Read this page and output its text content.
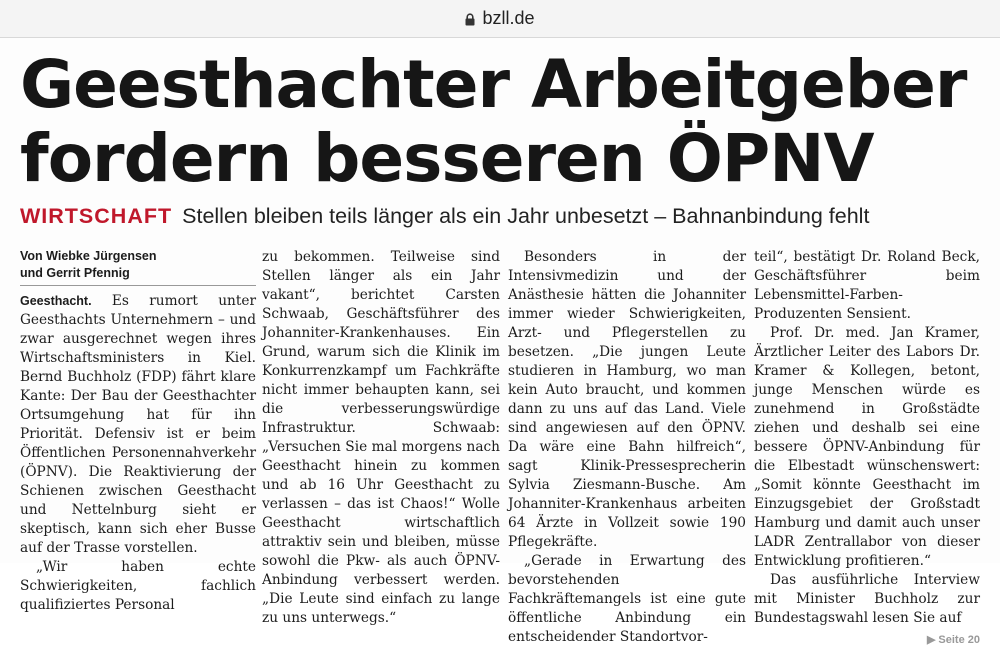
bzll.de
Geesthachter Arbeitgeber
fordern besseren ÖPNV
WIRTSCHAFT Stellen bleiben teils länger als ein Jahr unbesetzt – Bahnanbindung fehlt
Von Wiebke Jürgensen
und Gerrit Pfennig

Geesthacht. Es rumort unter Geesthachts Unternehmern – und zwar ausgerechnet wegen ihres Wirtschaftsministers in Kiel. Bernd Buchholz (FDP) fährt klare Kante: Der Bau der Geesthachter Ortsumgehung hat für ihn Priorität. Defensiv ist er beim Öffentlichen Personennahverkehr (ÖPNV). Die Reaktivierung der Schienen zwischen Geesthacht und Nettelnburg sieht er skeptisch, kann sich eher Busse auf der Trasse vorstellen.

„Wir haben echte Schwierigkeiten, fachlich qualifiziertes Personal

zu bekommen. Teilweise sind Stellen länger als ein Jahr vakant“, berichtet Carsten Schwaab, Geschäftsführer des Johanniter-Krankenhauses. Ein Grund, warum sich die Klinik im Konkurrenzkampf um Fachkräfte nicht immer behaupten kann, sei die verbesserungswürdige Infrastruktur. Schwaab: „Versuchen Sie mal morgens nach Geesthacht hinein zu kommen und ab 16 Uhr Geesthacht zu verlassen – das ist Chaos!“ Wolle Geesthacht wirtschaftlich attraktiv sein und bleiben, müsse sowohl die Pkw- als auch ÖPNV-Anbindung verbessert werden. „Die Leute sind einfach zu lange zu uns unterwegs.“

Besonders in der Intensivmedizin und der Anästhesie hätten die Johanniter immer wieder Schwierigkeiten, Arzt- und Pflegerstellen zu besetzen. „Die jungen Leute studieren in Hamburg, wo man kein Auto braucht, und kommen dann zu uns auf das Land. Viele sind angewiesen auf den ÖPNV. Da wäre eine Bahn hilfreich“, sagt Klinik-Pressesprecherin Sylvia Ziesmann-Busche. Am Johanniter-Krankenhaus arbeiten 64 Ärzte in Vollzeit sowie 190 Pflegekräfte.

„Gerade in Erwartung des bevorstehenden Fachkräftemangels ist eine gute öffentliche Anbindung ein entscheidender Standortvor-

teil“, bestätigt Dr. Roland Beck, Geschäftsführer beim Lebensmittel-Farben-Produzenten Sensient.

Prof. Dr. med. Jan Kramer, Ärztlicher Leiter des Labors Dr. Kramer & Kollegen, betont, junge Menschen würde es zunehmend in Großstädte ziehen und deshalb sei eine bessere ÖPNV-Anbindung für die Elbestadt wünschenswert: „Somit könnte Geesthacht im Einzugsgebiet der Großstadt Hamburg und damit auch unser LADR Zentrallabor von dieser Entwicklung profitieren.“

Das ausführliche Interview mit Minister Buchholz zur Bundestagswahl lesen Sie auf
▶ Seite 20
